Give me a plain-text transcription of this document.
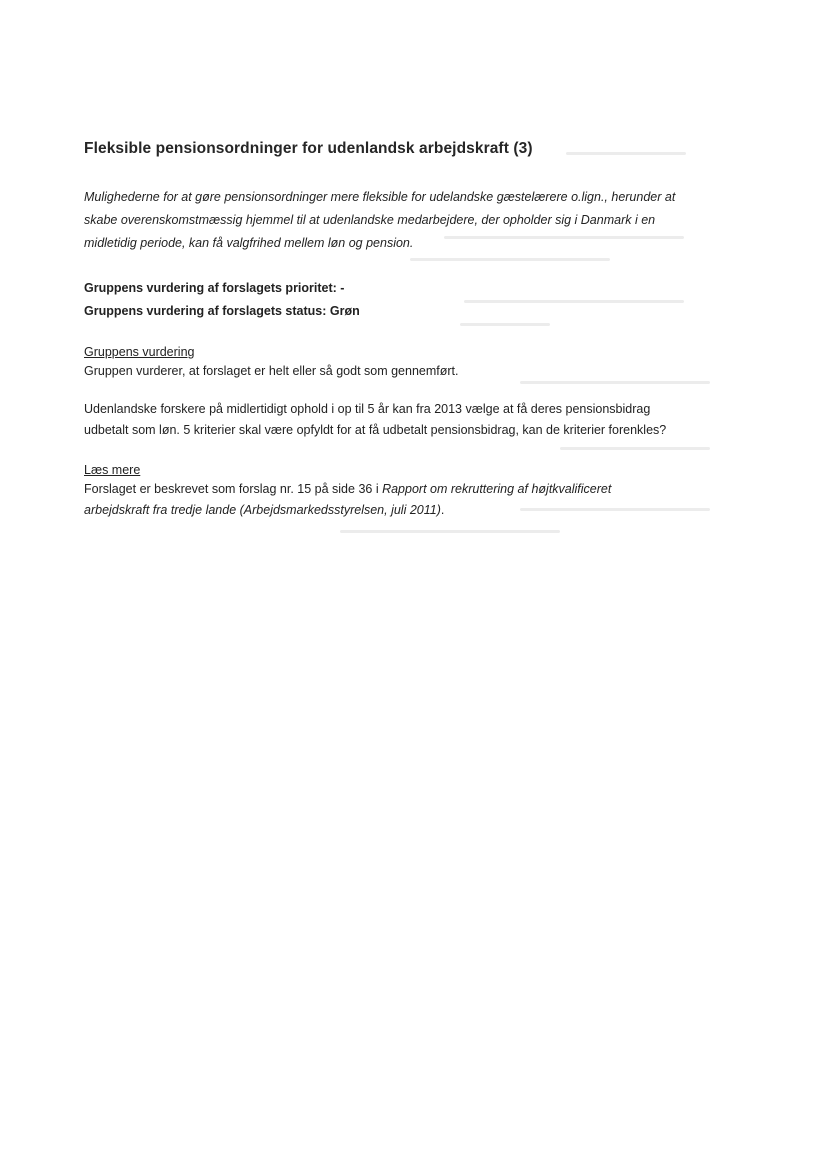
Fleksible pensionsordninger for udenlandsk arbejdskraft (3)
Mulighederne for at gøre pensionsordninger mere fleksible for udelandske gæstelærere o.lign., herunder at
skabe overenskomstmæssig hjemmel til at udenlandske medarbejdere, der opholder sig i Danmark i en
midletidig periode, kan få valgfrihed mellem løn og pension.
Gruppens vurdering af forslagets prioritet: -
Gruppens vurdering af forslagets status: Grøn
Gruppens vurdering
Gruppen vurderer, at forslaget er helt eller så godt som gennemført.
Udenlandske forskere på midlertidigt ophold i op til 5 år kan fra 2013 vælge at få deres pensionsbidrag
udbetalt som løn. 5 kriterier skal være opfyldt for at få udbetalt pensionsbidrag, kan de kriterier forenkles?
Læs mere
Forslaget er beskrevet som forslag nr. 15 på side 36 i Rapport om rekruttering af højtkvalificeret
arbejdskraft fra tredje lande (Arbejdsmarkedsstyrelsen, juli 2011).
